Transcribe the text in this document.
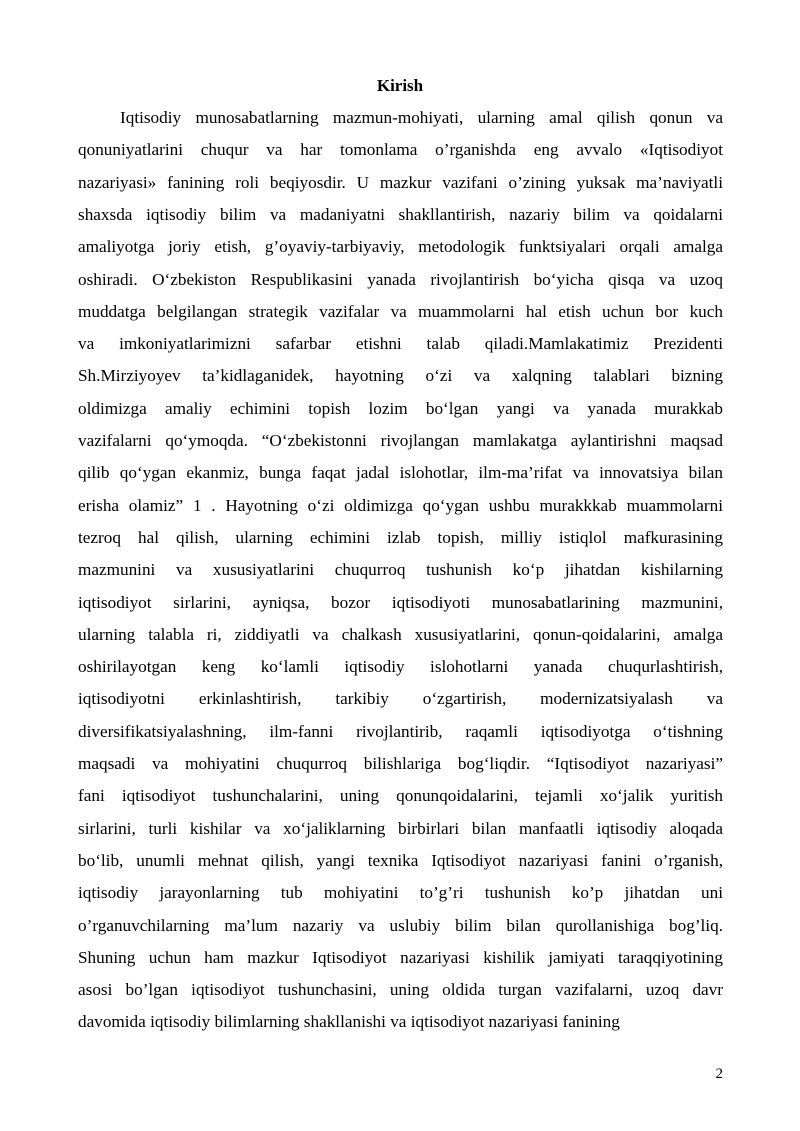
Kirish
Iqtisodiy munosabatlarning mazmun-mohiyati, ularning amal qilish qonun va
qonuniyatlarini chuqur va har tomonlama o’rganishda eng avvalo «Iqtisodiyot
nazariyasi» fanining roli beqiyosdir. U mazkur vazifani o’zining yuksak ma’naviyatli
shaxsda iqtisodiy bilim va madaniyatni shakllantirish, nazariy bilim va qoidalarni
amaliyotga joriy etish, g’oyaviy-tarbiyaviy, metodologik funktsiyalari orqali amalga
oshiradi. O‘zbekiston Respublikasini yanada rivojlantirish bo‘yicha qisqa va uzoq
muddatga belgilangan strategik vazifalar va muammolarni hal etish uchun bor kuch
va imkoniyatlarimizni safarbar etishni talab qiladi.Mamlakatimiz Prezidenti
Sh.Mirziyoyev ta’kidlaganidek, hayotning o‘zi va xalqning talablari bizning
oldimizga amaliy echimini topish lozim bo‘lgan yangi va yanada murakkab
vazifalarni qo‘ymoqda. “O‘zbekistonni rivojlangan mamlakatga aylantirishni maqsad
qilib qo‘ygan ekanmiz, bunga faqat jadal islohotlar, ilm-ma’rifat va innovatsiya bilan
erisha olamiz” 1 . Hayotning o‘zi oldimizga qo‘ygan ushbu murakkkab muammolarni
tezroq hal qilish, ularning echimini izlab topish, milliy istiqlol mafkurasining
mazmunini va xususiyatlarini chuqurroq tushunish ko‘p jihatdan kishilarning
iqtisodiyot sirlarini, ayniqsa, bozor iqtisodiyoti munosabatlarining mazmunini,
ularning talabla ri, ziddiyatli va chalkash xususiyatlarini, qonun-qoidalarini, amalga
oshirilayotgan keng ko‘lamli iqtisodiy islohotlarni yanada chuqurlashtirish,
iqtisodiyotni erkinlashtirish, tarkibiy o‘zgartirish, modernizatsiyalash va
diversifikatsiyalashning, ilm-fanni rivojlantirib, raqamli iqtisodiyotga o‘tishning
maqsadi va mohiyatini chuqurroq bilishlariga bog‘liqdir. “Iqtisodiyot nazariyasi”
fani iqtisodiyot tushunchalarini, uning qonunqoidalarini, tejamli xo‘jalik yuritish
sirlarini, turli kishilar va xo‘jaliklarning birbirlari bilan manfaatli iqtisodiy aloqada
bo‘lib, unumli mehnat qilish, yangi texnika Iqtisodiyot nazariyasi fanini o’rganish,
iqtisodiy jarayonlarning tub mohiyatini to’g’ri tushunish ko’p jihatdan uni
o’rganuvchilarning ma’lum nazariy va uslubiy bilim bilan qurollanishiga bog’liq.
Shuning uchun ham mazkur Iqtisodiyot nazariyasi kishilik jamiyati taraqqiyotining
asosi bo’lgan iqtisodiyot tushunchasini, uning oldida turgan vazifalarni, uzoq davr
davomida iqtisodiy bilimlarning shakllanishi va iqtisodiyot nazariyasi fanining
2
